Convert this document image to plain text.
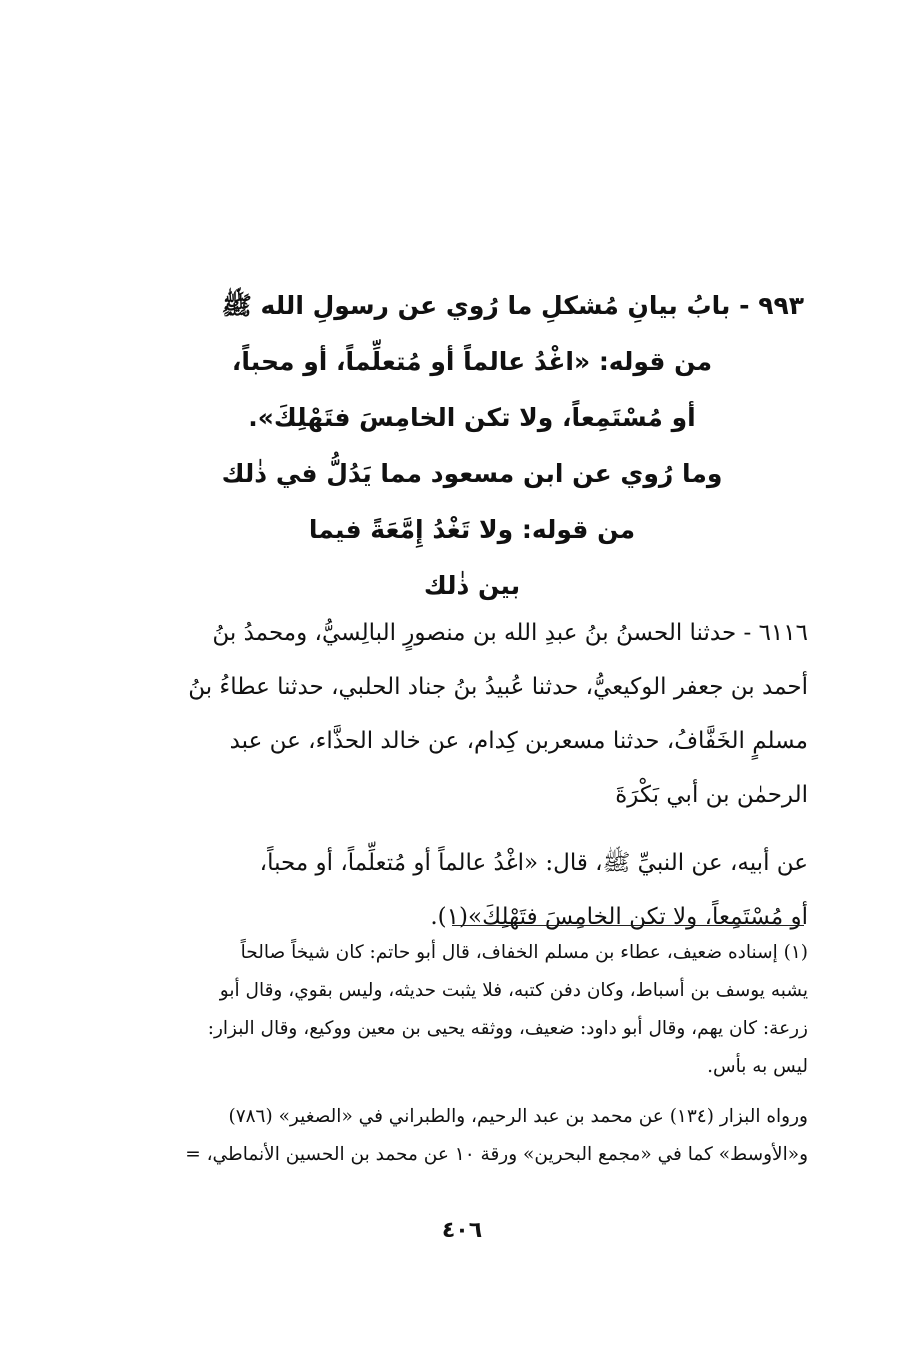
٩٩٣ - بابُ بيانِ مُشكلِ ما رُوي عن رسولِ الله ﷺ
من قوله: «اغْدُ عالماً أو مُتعلِّماً، أو محباً،
أو مُسْتَمِعاً، ولا تكن الخامِسَ فتَهْلِكَ».
وما رُوي عن ابن مسعود مما يَدُلُّ في ذٰلك
من قوله: ولا تَغْدُ إِمَّعَةً فيما
بين ذٰلك
٦١١٦ - حدثنا الحسنُ بنُ عبدِ الله بن منصورٍ البالِسيُّ، ومحمدُ بنُ
أحمد بن جعفر الوكيعيُّ، حدثنا عُبيدُ بنُ جناد الحلبي، حدثنا عطاءُ بنُ
مسلمٍ الخَفَّافُ، حدثنا مسعربن كِدام، عن خالد الحذَّاء، عن عبد
الرحمٰن بن أبي بَكْرَةَ
عن أبيه، عن النبيِّ ﷺ، قال: «اغْدُ عالماً أو مُتعلِّماً، أو محباً،
أو مُسْتَمِعاً، ولا تكن الخامِسَ فتَهْلِكَ»(١).
(١) إسناده ضعيف، عطاء بن مسلم الخفاف، قال أبو حاتم: كان شيخاً صالحاً
يشبه يوسف بن أسباط، وكان دفن كتبه، فلا يثبت حديثه، وليس بقوي، وقال أبو
زرعة: كان يهم، وقال أبو داود: ضعيف، ووثقه يحيى بن معين ووكيع، وقال البزار:
ليس به بأس.
ورواه البزار (١٣٤) عن محمد بن عبد الرحيم، والطبراني في «الصغير» (٧٨٦)
و«الأوسط» كما في «مجمع البحرين» ورقة ١٠ عن محمد بن الحسين الأنماطي، =
٤٠٦
